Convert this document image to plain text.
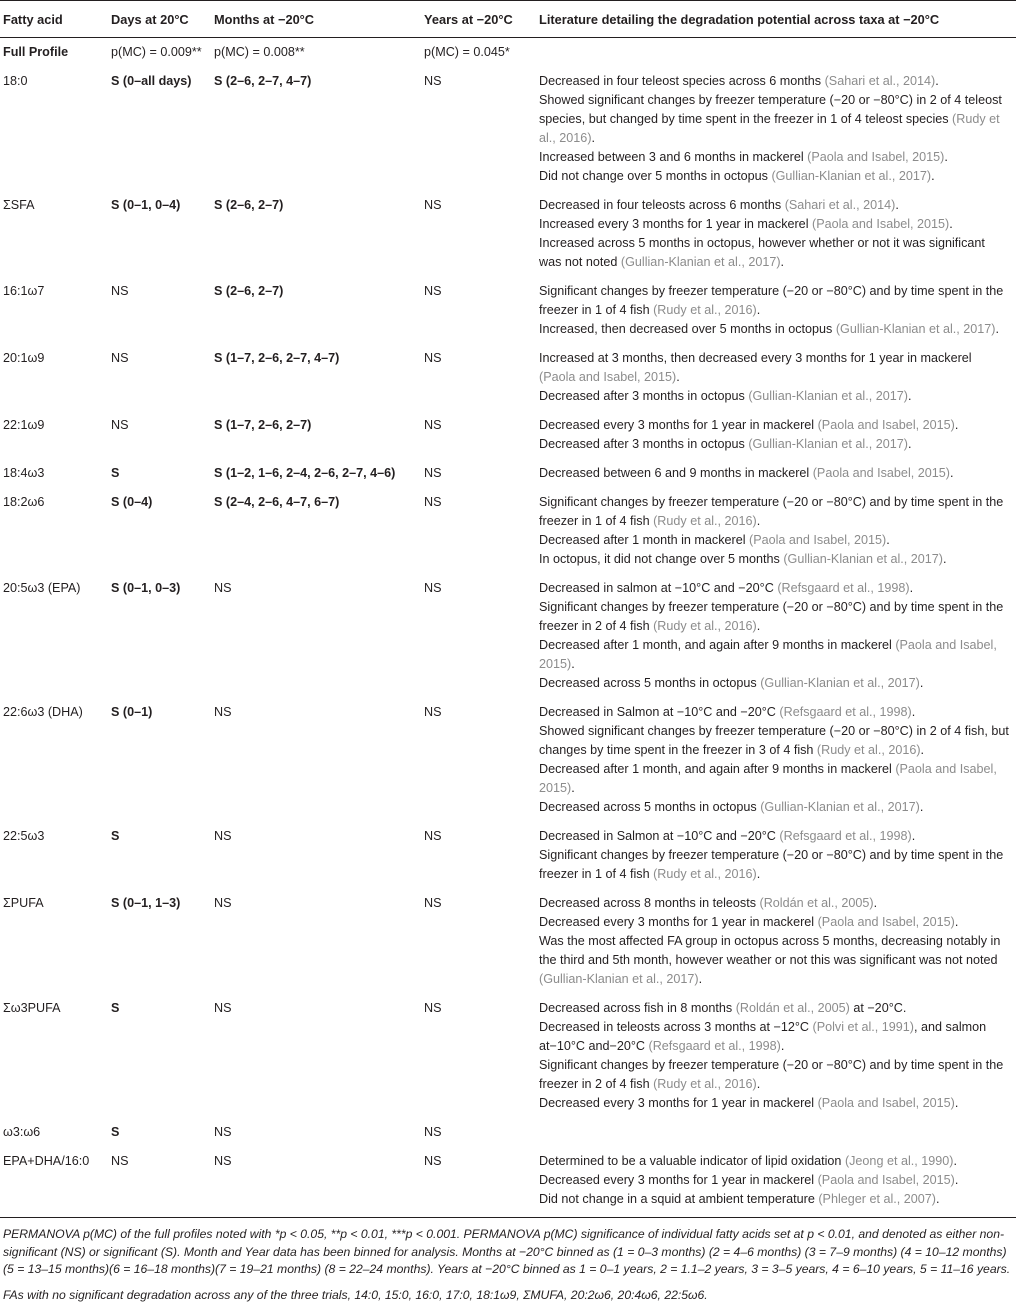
Fatty acid	Days at 20°C	Months at −20°C	Years at −20°C	Literature detailing the degradation potential across taxa at −20°C
Full Profile	p(MC) = 0.009**	p(MC) = 0.008**	p(MC) = 0.045*	
18:0	S (0–all days)	S (2–6, 2–7, 4–7)	NS	Decreased in four teleost species across 6 months (Sahari et al., 2014).
Showed significant changes by freezer temperature (−20 or −80°C) in 2 of 4 teleost species, but changed by time spent in the freezer in 1 of 4 teleost species (Rudy et al., 2016).
Increased between 3 and 6 months in mackerel (Paola and Isabel, 2015).
Did not change over 5 months in octopus (Gullian-Klanian et al., 2017).

ΣSFA	S (0–1, 0–4)	S (2–6, 2–7)	NS	Decreased in four teleosts across 6 months (Sahari et al., 2014).
Increased every 3 months for 1 year in mackerel (Paola and Isabel, 2015).
Increased across 5 months in octopus, however whether or not it was significant was not noted (Gullian-Klanian et al., 2017).

16:1ω7	NS	S (2–6, 2–7)	NS	Significant changes by freezer temperature (−20 or −80°C) and by time spent in the freezer in 1 of 4 fish (Rudy et al., 2016).
Increased, then decreased over 5 months in octopus (Gullian-Klanian et al., 2017).

20:1ω9	NS	S (1–7, 2–6, 2–7, 4–7)	NS	Increased at 3 months, then decreased every 3 months for 1 year in mackerel (Paola and Isabel, 2015).
Decreased after 3 months in octopus (Gullian-Klanian et al., 2017).

22:1ω9	NS	S (1–7, 2–6, 2–7)	NS	Decreased every 3 months for 1 year in mackerel (Paola and Isabel, 2015).
Decreased after 3 months in octopus (Gullian-Klanian et al., 2017).

18:4ω3	S	S (1–2, 1–6, 2–4, 2–6, 2–7, 4–6)	NS	Decreased between 6 and 9 months in mackerel (Paola and Isabel, 2015).

18:2ω6	S (0–4)	S (2–4, 2–6, 4–7, 6–7)	NS	Significant changes by freezer temperature (−20 or −80°C) and by time spent in the freezer in 1 of 4 fish (Rudy et al., 2016).
Decreased after 1 month in mackerel (Paola and Isabel, 2015).
In octopus, it did not change over 5 months (Gullian-Klanian et al., 2017).

20:5ω3 (EPA)	S (0–1, 0–3)	NS	NS	Decreased in salmon at −10°C and −20°C (Refsgaard et al., 1998).
Significant changes by freezer temperature (−20 or −80°C) and by time spent in the freezer in 2 of 4 fish (Rudy et al., 2016).
Decreased after 1 month, and again after 9 months in mackerel (Paola and Isabel, 2015).
Decreased across 5 months in octopus (Gullian-Klanian et al., 2017).

22:6ω3 (DHA)	S (0–1)	NS	NS	Decreased in Salmon at −10°C and −20°C (Refsgaard et al., 1998).
Showed significant changes by freezer temperature (−20 or −80°C) in 2 of 4 fish, but changes by time spent in the freezer in 3 of 4 fish (Rudy et al., 2016).
Decreased after 1 month, and again after 9 months in mackerel (Paola and Isabel, 2015).
Decreased across 5 months in octopus (Gullian-Klanian et al., 2017).

22:5ω3	S	NS	NS	Decreased in Salmon at −10°C and −20°C (Refsgaard et al., 1998).
Significant changes by freezer temperature (−20 or −80°C) and by time spent in the freezer in 1 of 4 fish (Rudy et al., 2016).

ΣPUFA	S (0–1, 1–3)	NS	NS	Decreased across 8 months in teleosts (Roldán et al., 2005).
Decreased every 3 months for 1 year in mackerel (Paola and Isabel, 2015).
Was the most affected FA group in octopus across 5 months, decreasing notably in the third and 5th month, however weather or not this was significant was not noted (Gullian-Klanian et al., 2017).

Σω3PUFA	S	NS	NS	Decreased across fish in 8 months (Roldán et al., 2005) at −20°C.
Decreased in teleosts across 3 months at −12°C (Polvi et al., 1991), and salmon at−10°C and−20°C (Refsgaard et al., 1998).
Significant changes by freezer temperature (−20 or −80°C) and by time spent in the freezer in 2 of 4 fish (Rudy et al., 2016).
Decreased every 3 months for 1 year in mackerel (Paola and Isabel, 2015).

ω3:ω6	S	NS	NS	
EPA+DHA/16:0	NS	NS	NS	Determined to be a valuable indicator of lipid oxidation (Jeong et al., 1990).
Decreased every 3 months for 1 year in mackerel (Paola and Isabel, 2015).
Did not change in a squid at ambient temperature (Phleger et al., 2007).

PERMANOVA p(MC) of the full profiles noted with *p < 0.05, **p < 0.01, ***p < 0.001. PERMANOVA p(MC) significance of individual fatty acids set at p < 0.01, and denoted as either non-significant (NS) or significant (S). Month and Year data has been binned for analysis. Months at −20°C binned as (1 = 0–3 months) (2 = 4–6 months) (3 = 7–9 months) (4 = 10–12 months) (5 = 13–15 months)(6 = 16–18 months)(7 = 19–21 months) (8 = 22–24 months). Years at −20°C binned as 1 = 0–1 years, 2 = 1.1–2 years, 3 = 3–5 years, 4 = 6–10 years, 5 = 11–16 years.

FAs with no significant degradation across any of the three trials, 14:0, 15:0, 16:0, 17:0, 18:1ω9, ΣMUFA, 20:2ω6, 20:4ω6, 22:5ω6.
